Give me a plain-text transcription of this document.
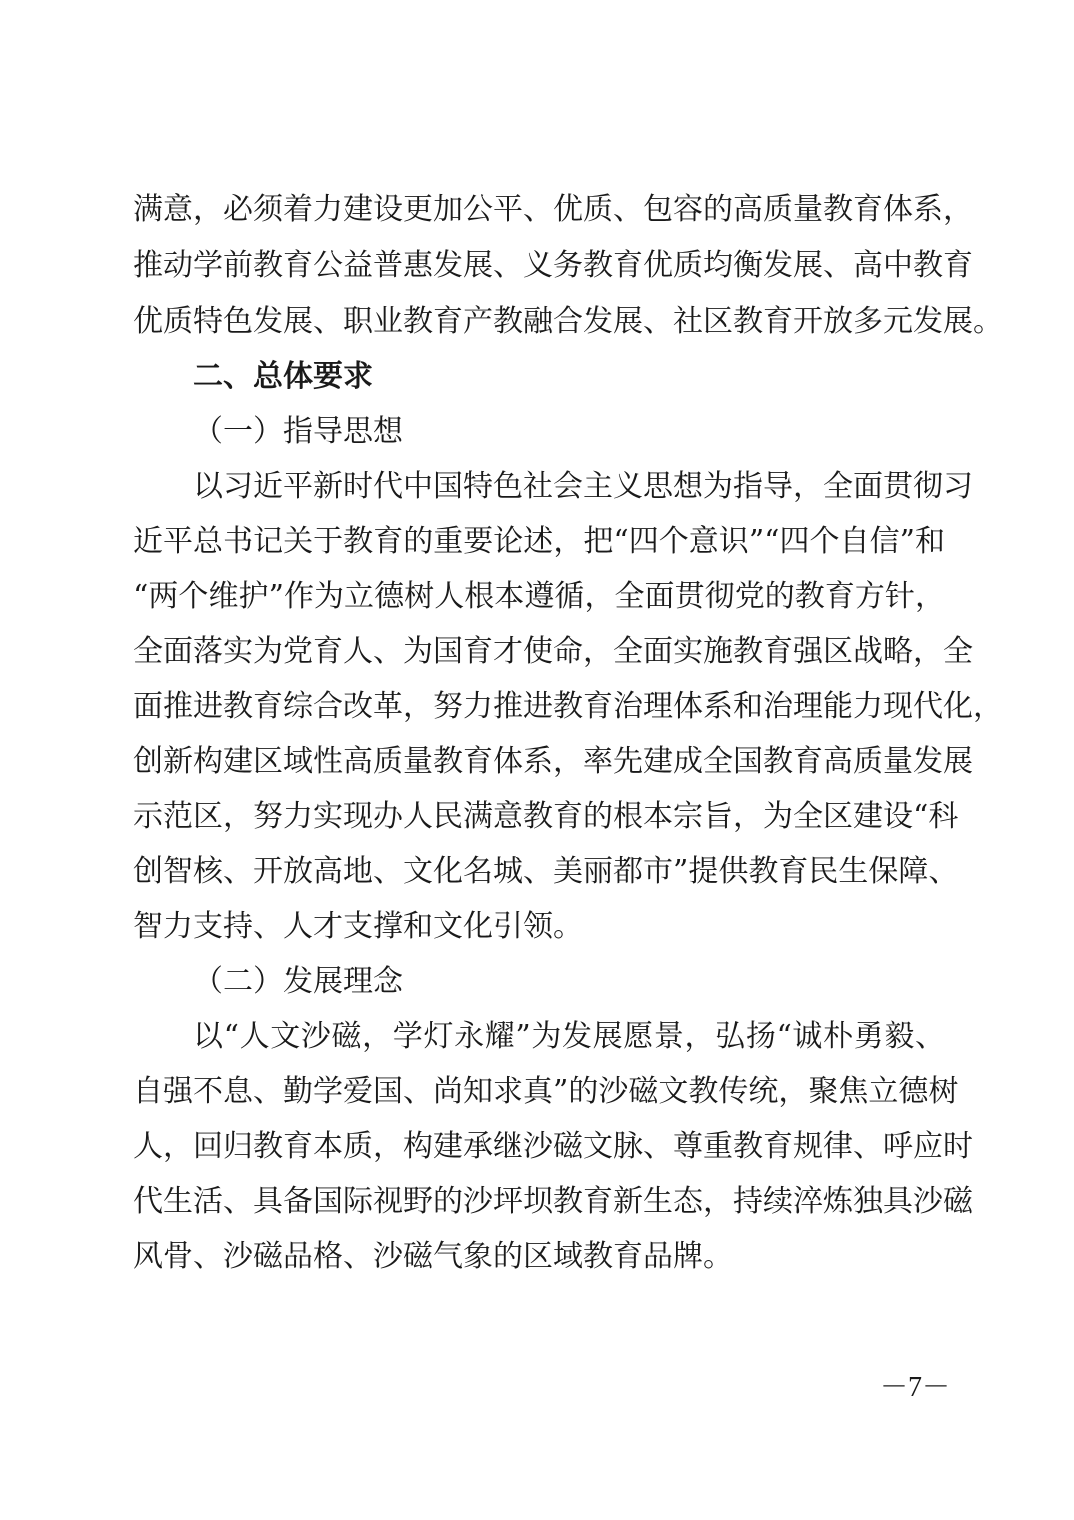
满意，必须着力建设更加公平、优质、包容的高质量教育体系，
推动学前教育公益普惠发展、义务教育优质均衡发展、高中教育
优质特色发展、职业教育产教融合发展、社区教育开放多元发展。
二、总体要求
（一）指导思想
以习近平新时代中国特色社会主义思想为指导，全面贯彻习
近平总书记关于教育的重要论述，把“四个意识”“四个自信”和
“两个维护”作为立德树人根本遵循，全面贯彻党的教育方针，
全面落实为党育人、为国育才使命，全面实施教育强区战略，全
面推进教育综合改革，努力推进教育治理体系和治理能力现代化，
创新构建区域性高质量教育体系，率先建成全国教育高质量发展
示范区，努力实现办人民满意教育的根本宗旨，为全区建设“科
创智核、开放高地、文化名城、美丽都市”提供教育民生保障、
智力支持、人才支撑和文化引领。
（二）发展理念
以“人文沙磁，学灯永耀”为发展愿景，弘扬“诚朴勇毅、
自强不息、勤学爱国、尚知求真”的沙磁文教传统，聚焦立德树
人，回归教育本质，构建承继沙磁文脉、尊重教育规律、呼应时
代生活、具备国际视野的沙坪坝教育新生态，持续淬炼独具沙磁
风骨、沙磁品格、沙磁气象的区域教育品牌。
－7－
